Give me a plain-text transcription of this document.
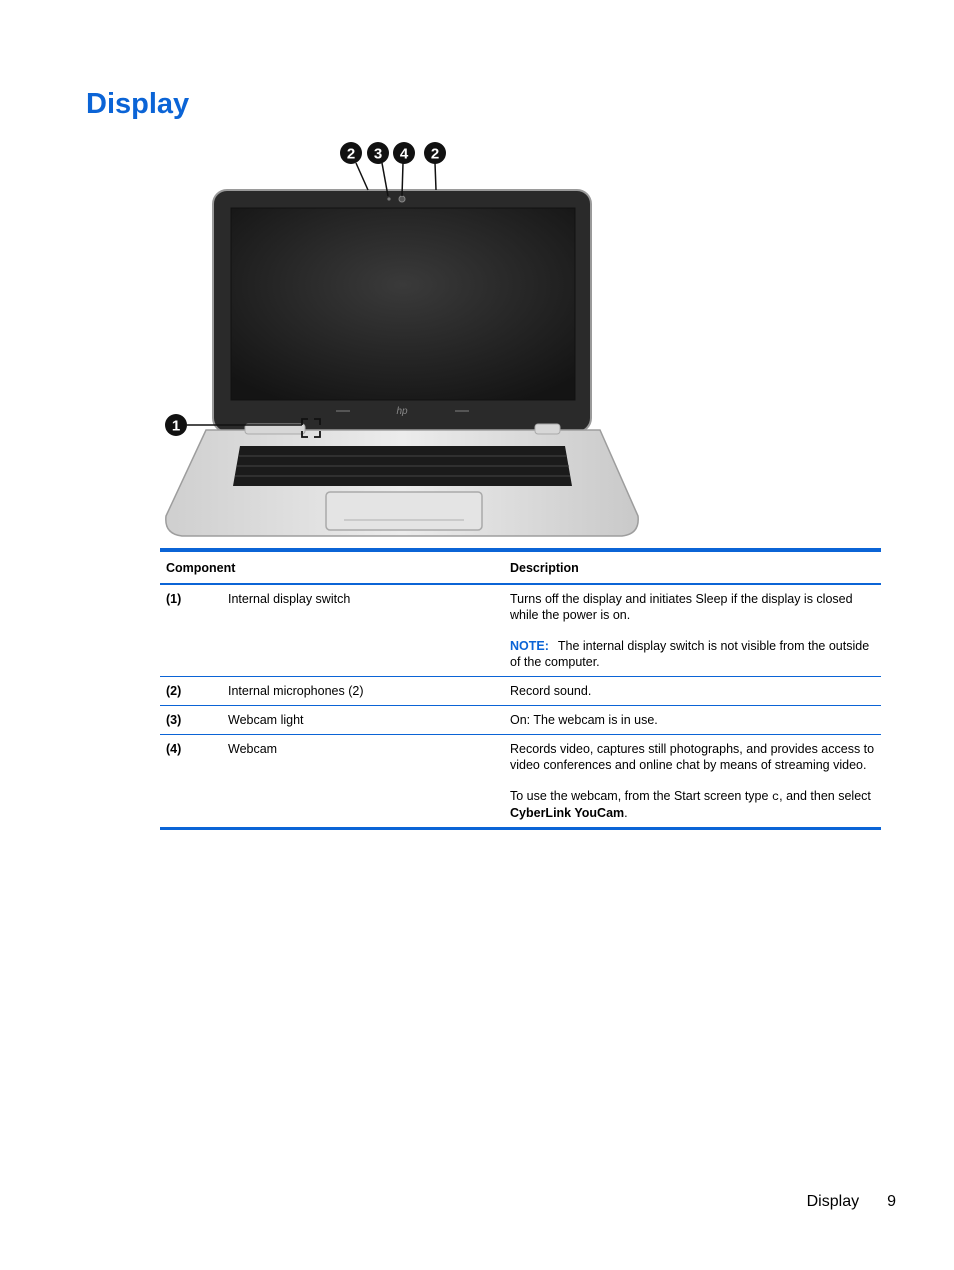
Display
hp
2 3 4 2
1
Component		Description
(1)	Internal display switch	Turns off the display and initiates Sleep if the display is closed while the power is on.
NOTE: The internal display switch is not visible from the outside of the computer.

(2)	Internal microphones (2)	Record sound.
(3)	Webcam light	On: The webcam is in use.
(4)	Webcam	Records video, captures still photographs, and provides access to video conferences and online chat by means of streaming video.
To use the webcam, from the Start screen type c, and then select CyberLink YouCam.
Display 9
